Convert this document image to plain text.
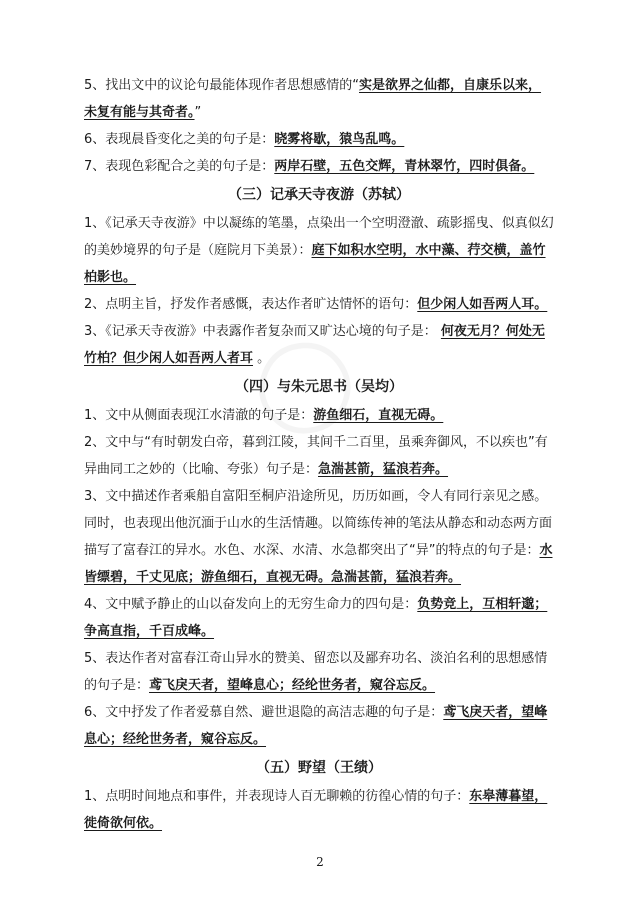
5、找出文中的议论句最能体现作者思想感情的“实是欲界之仙都，自康乐以来，未复有能与其奇者。”

6、表现晨昏变化之美的句子是：晓雾将歇，猿鸟乱鸣。

7、表现色彩配合之美的句子是：两岸石壁，五色交辉，青林翠竹，四时俱备。

（三）记承天寺夜游（苏轼）

1、《记承天寺夜游》中以凝练的笔墨，点染出一个空明澄澈、疏影摇曳、似真似幻的美妙境界的句子是（庭院月下美景）：庭下如积水空明，水中藻、荇交横，盖竹柏影也。

2、点明主旨，抒发作者感慨，表达作者旷达情怀的语句：但少闲人如吾两人耳。

3、《记承天寺夜游》中表露作者复杂而又旷达心境的句子是： 何夜无月？何处无竹柏？但少闲人如吾两人者耳 。

（四）与朱元思书（吴均）

1、文中从侧面表现江水清澈的句子是：游鱼细石，直视无碍。

2、文中与“有时朝发白帝，暮到江陵，其间千二百里，虽乘奔御风，不以疾也”有异曲同工之妙的（比喻、夸张）句子是：急湍甚箭，猛浪若奔。

3、文中描述作者乘船自富阳至桐庐沿途所见，历历如画，令人有同行亲见之感。同时，也表现出他沉湎于山水的生活情趣。以简练传神的笔法从静态和动态两方面描写了富春江的异水。水色、水深、水清、水急都突出了“异”的特点的句子是：水皆缥碧，千丈见底；游鱼细石，直视无碍。急湍甚箭，猛浪若奔。

4、文中赋予静止的山以奋发向上的无穷生命力的四句是：负势竞上，互相轩邈；争高直指，千百成峰。

5、表达作者对富春江奇山异水的赞美、留恋以及鄙弃功名、淡泊名利的思想感情的句子是：鸢飞戾天者，望峰息心；经纶世务者，窥谷忘反。

6、文中抒发了作者爱慕自然、避世退隐的高洁志趣的句子是：鸢飞戾天者，望峰息心；经纶世务者，窥谷忘反。

（五）野望（王绩）

1、点明时间地点和事件，并表现诗人百无聊赖的彷徨心情的句子：东皋薄暮望，徙倚欲何依。

2
